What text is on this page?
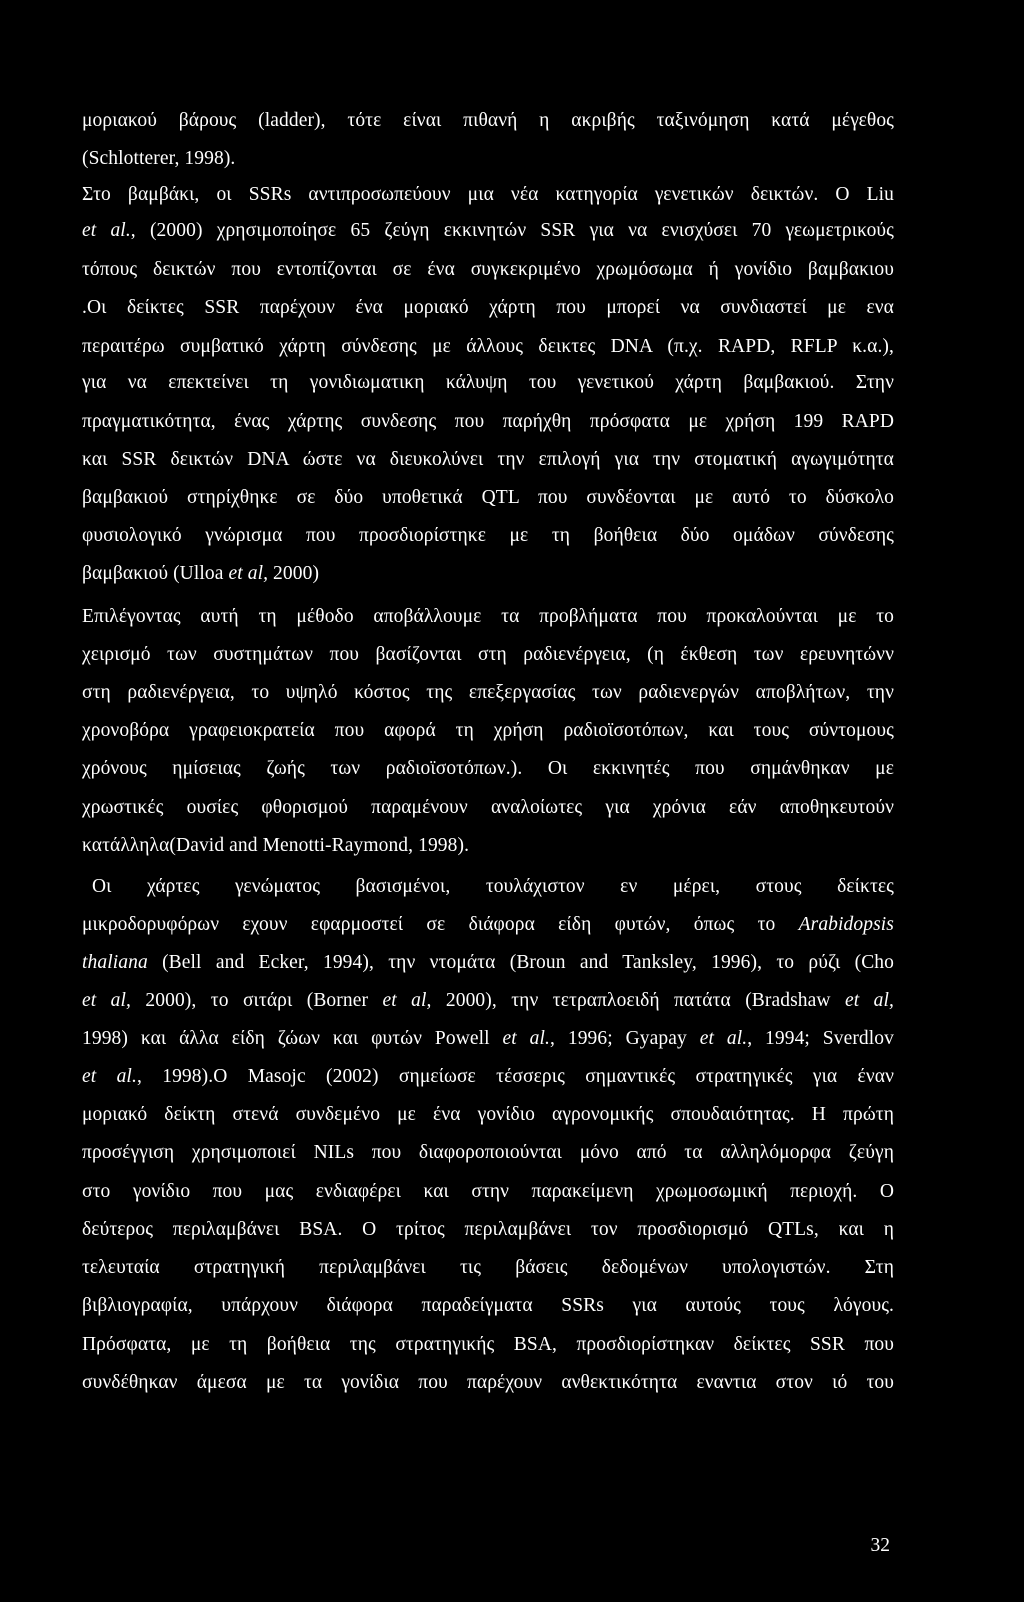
μοριακού βάρους (ladder), τότε είναι πιθανή η ακριβής ταξινόμηση κατά μέγεθος
(Schlotterer, 1998).
Στο βαμβάκι, οι SSRs αντιπροσωπεύουν μια νέα κατηγορία γενετικών δεικτών. O Liu
et al., (2000) χρησιμοποίησε 65 ζεύγη εκκινητών SSR για να ενισχύσει 70 γεωμετρικούς
τόπους δεικτών που εντοπίζονται σε ένα συγκεκριμένο χρωμόσωμα ή γονίδιο βαμβακιου
.Οι δείκτες SSR παρέχουν ένα μοριακό χάρτη που μπορεί να συνδιαστεί με ενα
περαιτέρω συμβατικό χάρτη σύνδεσης με άλλους δεικτες DNA (π.χ. RAPD, RFLP κ.α.),
για να επεκτείνει τη γονιδιωματικη κάλυψη του γενετικού χάρτη βαμβακιού. Στην
πραγματικότητα, ένας χάρτης συνδεσης που παρήχθη πρόσφατα με χρήση 199 RAPD
και SSR δεικτών DNA ώστε να διευκολύνει την επιλογή για την στοματική αγωγιμότητα
βαμβακιού στηρίχθηκε σε δύο υποθετικά QTL που συνδέονται με αυτό το δύσκολο
φυσιολογικό γνώρισμα που προσδιορίστηκε με τη βοήθεια δύο ομάδων σύνδεσης
βαμβακιού (Ulloa et al, 2000)
Επιλέγοντας αυτή τη μέθοδο αποβάλλουμε τα προβλήματα που προκαλούνται με το
χειρισμό των συστημάτων που βασίζονται στη ραδιενέργεια, (η έκθεση των ερευνητώνν
στη ραδιενέργεια, το υψηλό κόστος της επεξεργασίας των ραδιενεργών αποβλήτων, την
χρονοβόρα γραφειοκρατεία που αφορά τη χρήση ραδιοϊσοτόπων, και τους σύντομους
χρόνους ημίσειας ζωής των ραδιοϊσοτόπων.). Οι εκκινητές που σημάνθηκαν με
χρωστικές ουσίες φθορισμού παραμένουν αναλοίωτες για χρόνια εάν αποθηκευτούν
κατάλληλα(David and Menotti-Raymond, 1998).
Οι χάρτες γενώματος βασισμένοι, τουλάχιστον εν μέρει, στους δείκτες
μικροδορυφόρων εχουν εφαρμοστεί σε διάφορα είδη φυτών, όπως το Arabidopsis
thaliana (Bell and Ecker, 1994), την ντομάτα (Broun and Tanksley, 1996), το ρύζι (Cho
et al, 2000), το σιτάρι (Borner et al, 2000), την τετραπλοειδή πατάτα (Bradshaw et al,
1998) και άλλα είδη ζώων και φυτών Powell et al., 1996; Gyapay et al., 1994; Sverdlov
et al., 1998).Ο Masojc (2002) σημείωσε τέσσερις σημαντικές στρατηγικές για έναν
μοριακό δείκτη στενά συνδεμένο με ένα γονίδιο αγρονομικής σπουδαιότητας. Η πρώτη
προσέγγιση χρησιμοποιεί NILs που διαφοροποιούνται μόνο από τα αλληλόμορφα ζεύγη
στο γονίδιο που μας ενδιαφέρει και στην παρακείμενη χρωμοσωμική περιοχή. Ο
δεύτερος περιλαμβάνει BSA. Ο τρίτος περιλαμβάνει τον προσδιορισμό QTLs, και η
τελευταία στρατηγική περιλαμβάνει τις βάσεις δεδομένων υπολογιστών. Στη
βιβλιογραφία, υπάρχουν διάφορα παραδείγματα SSRs για αυτούς τους λόγους.
Πρόσφατα, με τη βοήθεια της στρατηγικής BSA, προσδιορίστηκαν δείκτες SSR που
συνδέθηκαν άμεσα με τα γονίδια που παρέχουν ανθεκτικότητα εναντια στον ιό του
32
